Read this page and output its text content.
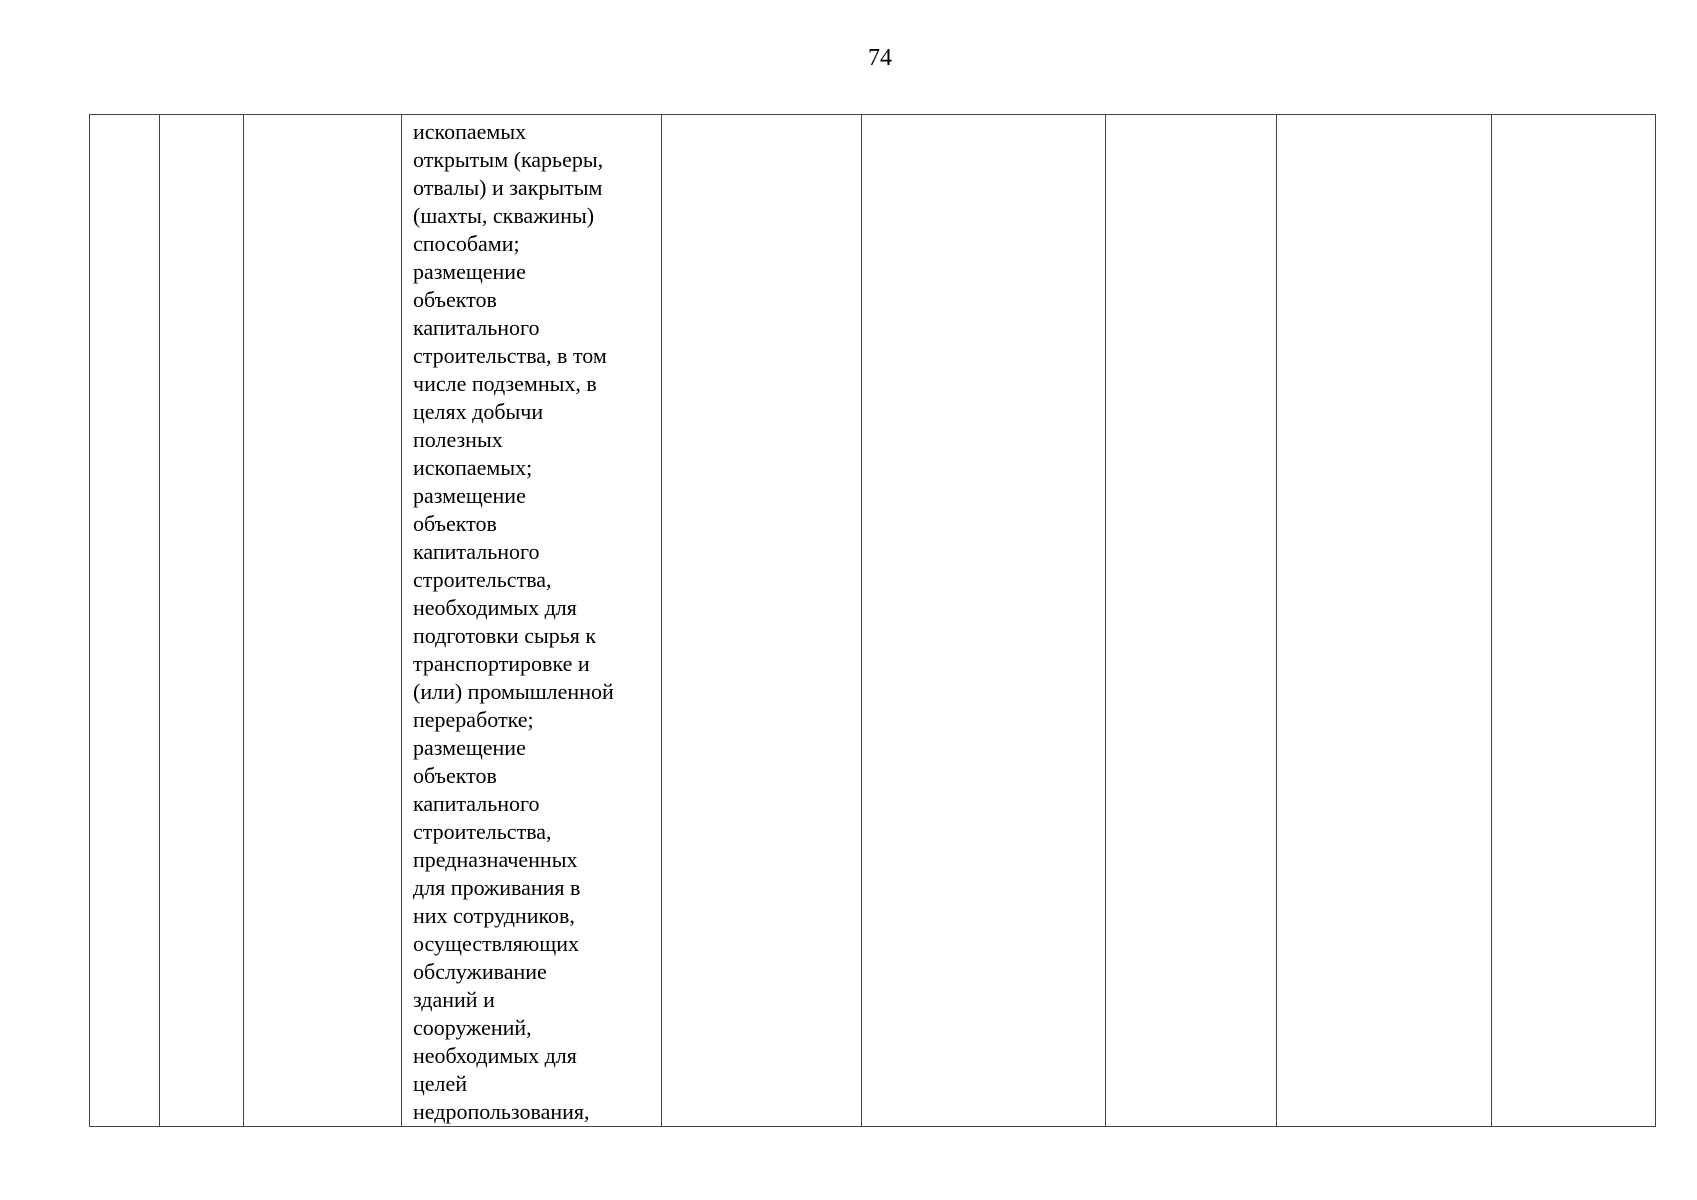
74

ископаемых
открытым (карьеры,
отвалы) и закрытым
(шахты, скважины)
способами;
размещение
объектов
капитального
строительства, в том
числе подземных, в
целях добычи
полезных
ископаемых;
размещение
объектов
капитального
строительства,
необходимых для
подготовки сырья к
транспортировке и
(или) промышленной
переработке;
размещение
объектов
капитального
строительства,
предназначенных
для проживания в
них сотрудников,
осуществляющих
обслуживание
зданий и
сооружений,
необходимых для
целей
недропользования,
